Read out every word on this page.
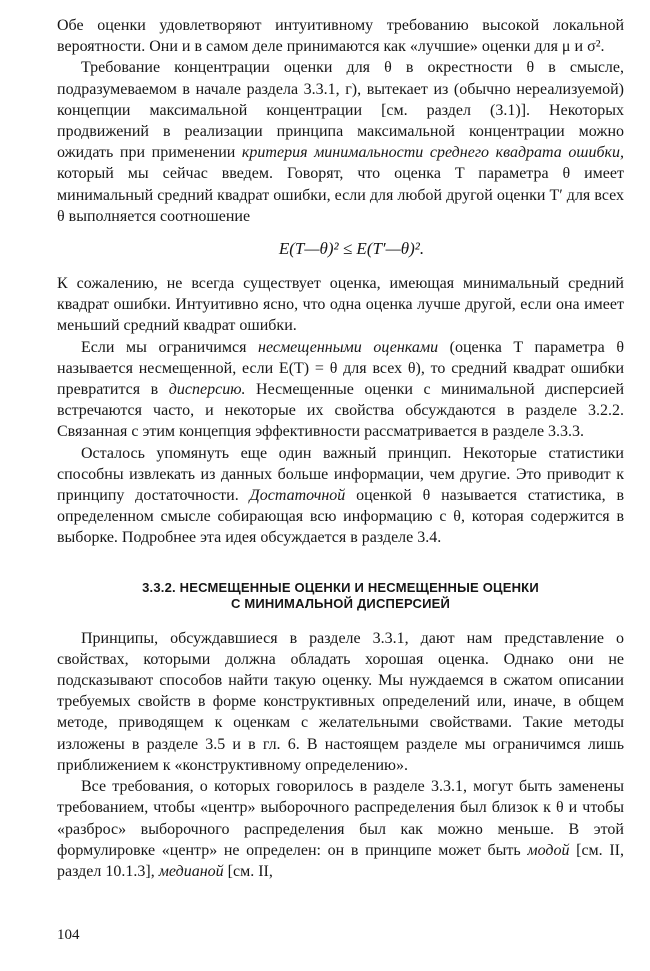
Обе оценки удовлетворяют интуитивному требованию высокой локальной вероятности. Они и в самом деле принимаются как «лучшие» оценки для μ и σ².

Требование концентрации оценки для θ в окрестности θ в смысле, подразумеваемом в начале раздела 3.3.1, г), вытекает из (обычно нереализуемой) концепции максимальной концентрации [см. раздел (3.1)]. Некоторых продвижений в реализации принципа максимальной концентрации можно ожидать при применении критерия минимальности среднего квадрата ошибки, который мы сейчас введем. Говорят, что оценка T параметра θ имеет минимальный средний квадрат ошибки, если для любой другой оценки T′ для всех θ выполняется соотношение

E(T—θ)² ≤ E(T′—θ)².

К сожалению, не всегда существует оценка, имеющая минимальный средний квадрат ошибки. Интуитивно ясно, что одна оценка лучше другой, если она имеет меньший средний квадрат ошибки.

Если мы ограничимся несмещенными оценками (оценка T параметра θ называется несмещенной, если E(T) = θ для всех θ), то средний квадрат ошибки превратится в дисперсию. Несмещенные оценки с минимальной дисперсией встречаются часто, и некоторые их свойства обсуждаются в разделе 3.2.2. Связанная с этим концепция эффективности рассматривается в разделе 3.3.3.

Осталось упомянуть еще один важный принцип. Некоторые статистики способны извлекать из данных больше информации, чем другие. Это приводит к принципу достаточности. Достаточной оценкой θ называется статистика, в определенном смысле собирающая всю информацию с θ, которая содержится в выборке. Подробнее эта идея обсуждается в разделе 3.4.

3.3.2. НЕСМЕЩЕННЫЕ ОЦЕНКИ И НЕСМЕЩЕННЫЕ ОЦЕНКИ
С МИНИМАЛЬНОЙ ДИСПЕРСИЕЙ

Принципы, обсуждавшиеся в разделе 3.3.1, дают нам представление о свойствах, которыми должна обладать хорошая оценка. Однако они не подсказывают способов найти такую оценку. Мы нуждаемся в сжатом описании требуемых свойств в форме конструктивных определений или, иначе, в общем методе, приводящем к оценкам с желательными свойствами. Такие методы изложены в разделе 3.5 и в гл. 6. В настоящем разделе мы ограничимся лишь приближением к «конструктивному определению».

Все требования, о которых говорилось в разделе 3.3.1, могут быть заменены требованием, чтобы «центр» выборочного распределения был близок к θ и чтобы «разброс» выборочного распределения был как можно меньше. В этой формулировке «центр» не определен: он в принципе может быть модой [см. II, раздел 10.1.3], медианой [см. II,

104
